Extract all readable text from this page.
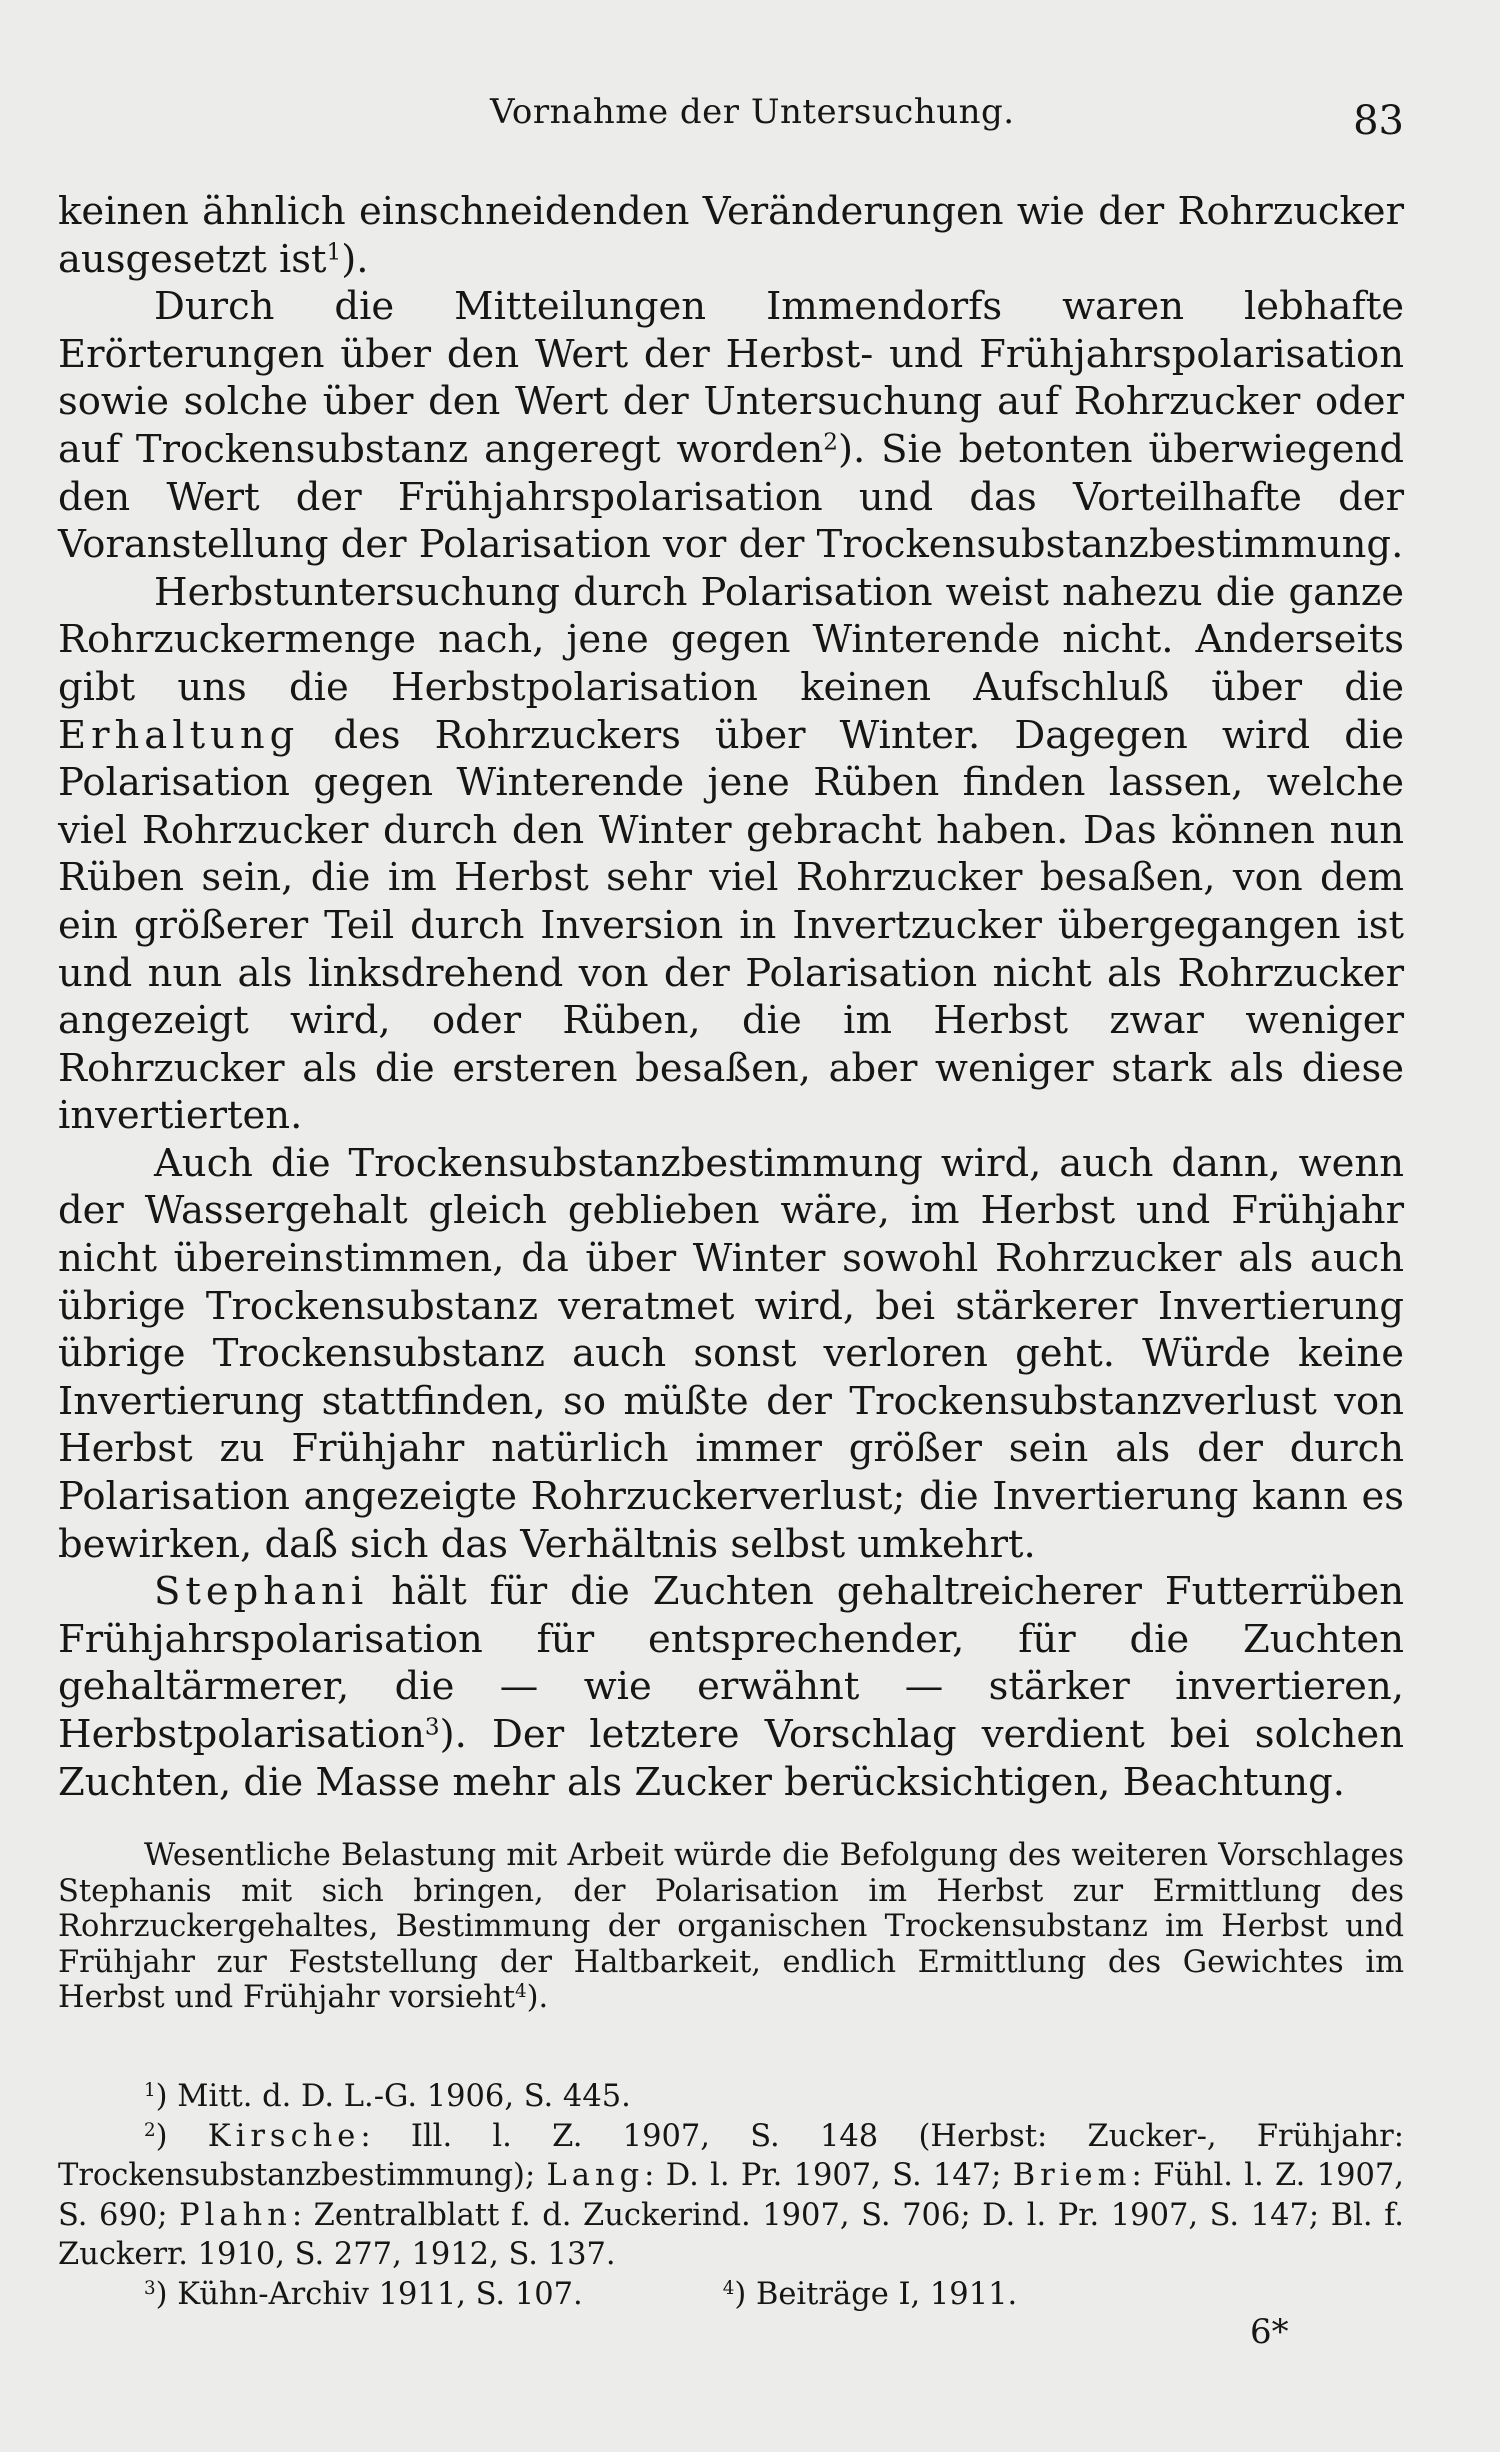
Vornahme der Untersuchung.	83

keinen ähnlich einschneidenden Veränderungen wie der Rohrzucker ausgesetzt ist$^1$).

Durch die Mitteilungen Immendorfs waren lebhafte Erörterungen über den Wert der Herbst- und Frühjahrspolarisation sowie solche über den Wert der Untersuchung auf Rohrzucker oder auf Trockensubstanz angeregt worden$^2$). Sie betonten überwiegend den Wert der Frühjahrspolarisation und das Vorteilhafte der Voranstellung der Polarisation vor der Trockensubstanzbestimmung.

Herbstuntersuchung durch Polarisation weist nahezu die ganze Rohrzuckermenge nach, jene gegen Winterende nicht. Anderseits gibt uns die Herbstpolarisation keinen Aufschluß über die Erhaltung des Rohrzuckers über Winter. Dagegen wird die Polarisation gegen Winterende jene Rüben finden lassen, welche viel Rohrzucker durch den Winter gebracht haben. Das können nun Rüben sein, die im Herbst sehr viel Rohrzucker besaßen, von dem ein größerer Teil durch Inversion in Invertzucker übergegangen ist und nun als linksdrehend von der Polarisation nicht als Rohrzucker angezeigt wird, oder Rüben, die im Herbst zwar weniger Rohrzucker als die ersteren besaßen, aber weniger stark als diese invertierten.

Auch die Trockensubstanzbestimmung wird, auch dann, wenn der Wassergehalt gleich geblieben wäre, im Herbst und Frühjahr nicht übereinstimmen, da über Winter sowohl Rohrzucker als auch übrige Trockensubstanz veratmet wird, bei stärkerer Invertierung übrige Trockensubstanz auch sonst verloren geht. Würde keine Invertierung stattfinden, so müßte der Trockensubstanzverlust von Herbst zu Frühjahr natürlich immer größer sein als der durch Polarisation angezeigte Rohrzuckerverlust; die Invertierung kann es bewirken, daß sich das Verhältnis selbst umkehrt.

Stephani hält für die Zuchten gehaltreicherer Futterrüben Frühjahrspolarisation für entsprechender, für die Zuchten gehaltärmerer, die — wie erwähnt — stärker invertieren, Herbstpolarisation$^3$). Der letztere Vorschlag verdient bei solchen Zuchten, die Masse mehr als Zucker berücksichtigen, Beachtung.

Wesentliche Belastung mit Arbeit würde die Befolgung des weiteren Vorschlages Stephanis mit sich bringen, der Polarisation im Herbst zur Ermittlung des Rohrzuckergehaltes, Bestimmung der organischen Trockensubstanz im Herbst und Frühjahr zur Feststellung der Haltbarkeit, endlich Ermittlung des Gewichtes im Herbst und Frühjahr vorsieht$^4$).

$^1$) Mitt. d. D. L.-G. 1906, S. 445.

$^2$) Kirsche: Ill. l. Z. 1907, S. 148 (Herbst: Zucker-, Frühjahr: Trockensubstanzbestimmung); Lang: D. l. Pr. 1907, S. 147; Briem: Fühl. l. Z. 1907, S. 690; Plahn: Zentralblatt f. d. Zuckerind. 1907, S. 706; D. l. Pr. 1907, S. 147; Bl. f. Zuckerr. 1910, S. 277, 1912, S. 137.

$^3$) Kühn-Archiv 1911, S. 107.	$^4$) Beiträge I, 1911.

6*
